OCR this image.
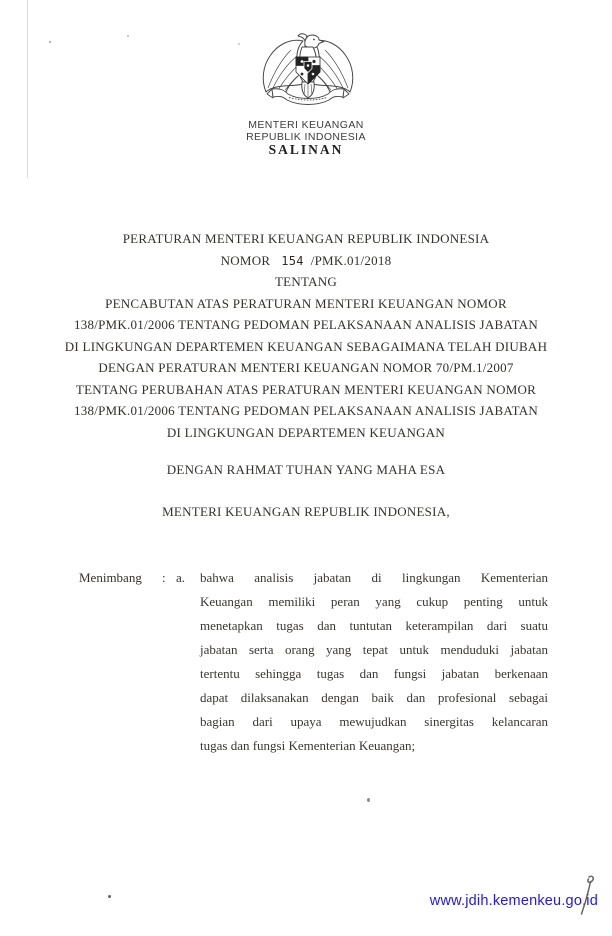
MENTERI KEUANGAN
REPUBLIK INDONESIA
SALINAN
PERATURAN MENTERI KEUANGAN REPUBLIK INDONESIA
NOMOR 154 /PMK.01/2018
TENTANG
PENCABUTAN ATAS PERATURAN MENTERI KEUANGAN NOMOR
138/PMK.01/2006 TENTANG PEDOMAN PELAKSANAAN ANALISIS JABATAN
DI LINGKUNGAN DEPARTEMEN KEUANGAN SEBAGAIMANA TELAH DIUBAH
DENGAN PERATURAN MENTERI KEUANGAN NOMOR 70/PM.1/2007
TENTANG PERUBAHAN ATAS PERATURAN MENTERI KEUANGAN NOMOR
138/PMK.01/2006 TENTANG PEDOMAN PELAKSANAAN ANALISIS JABATAN
DI LINGKUNGAN DEPARTEMEN KEUANGAN
DENGAN RAHMAT TUHAN YANG MAHA ESA
MENTERI KEUANGAN REPUBLIK INDONESIA,
Menimbang : a. bahwa analisis jabatan di lingkungan Kementerian
Keuangan memiliki peran yang cukup penting untuk
menetapkan tugas dan tuntutan keterampilan dari suatu
jabatan serta orang yang tepat untuk menduduki jabatan
tertentu sehingga tugas dan fungsi jabatan berkenaan
dapat dilaksanakan dengan baik dan profesional sebagai
bagian dari upaya mewujudkan sinergitas kelancaran
tugas dan fungsi Kementerian Keuangan;
www.jdih.kemenkeu.go.id
